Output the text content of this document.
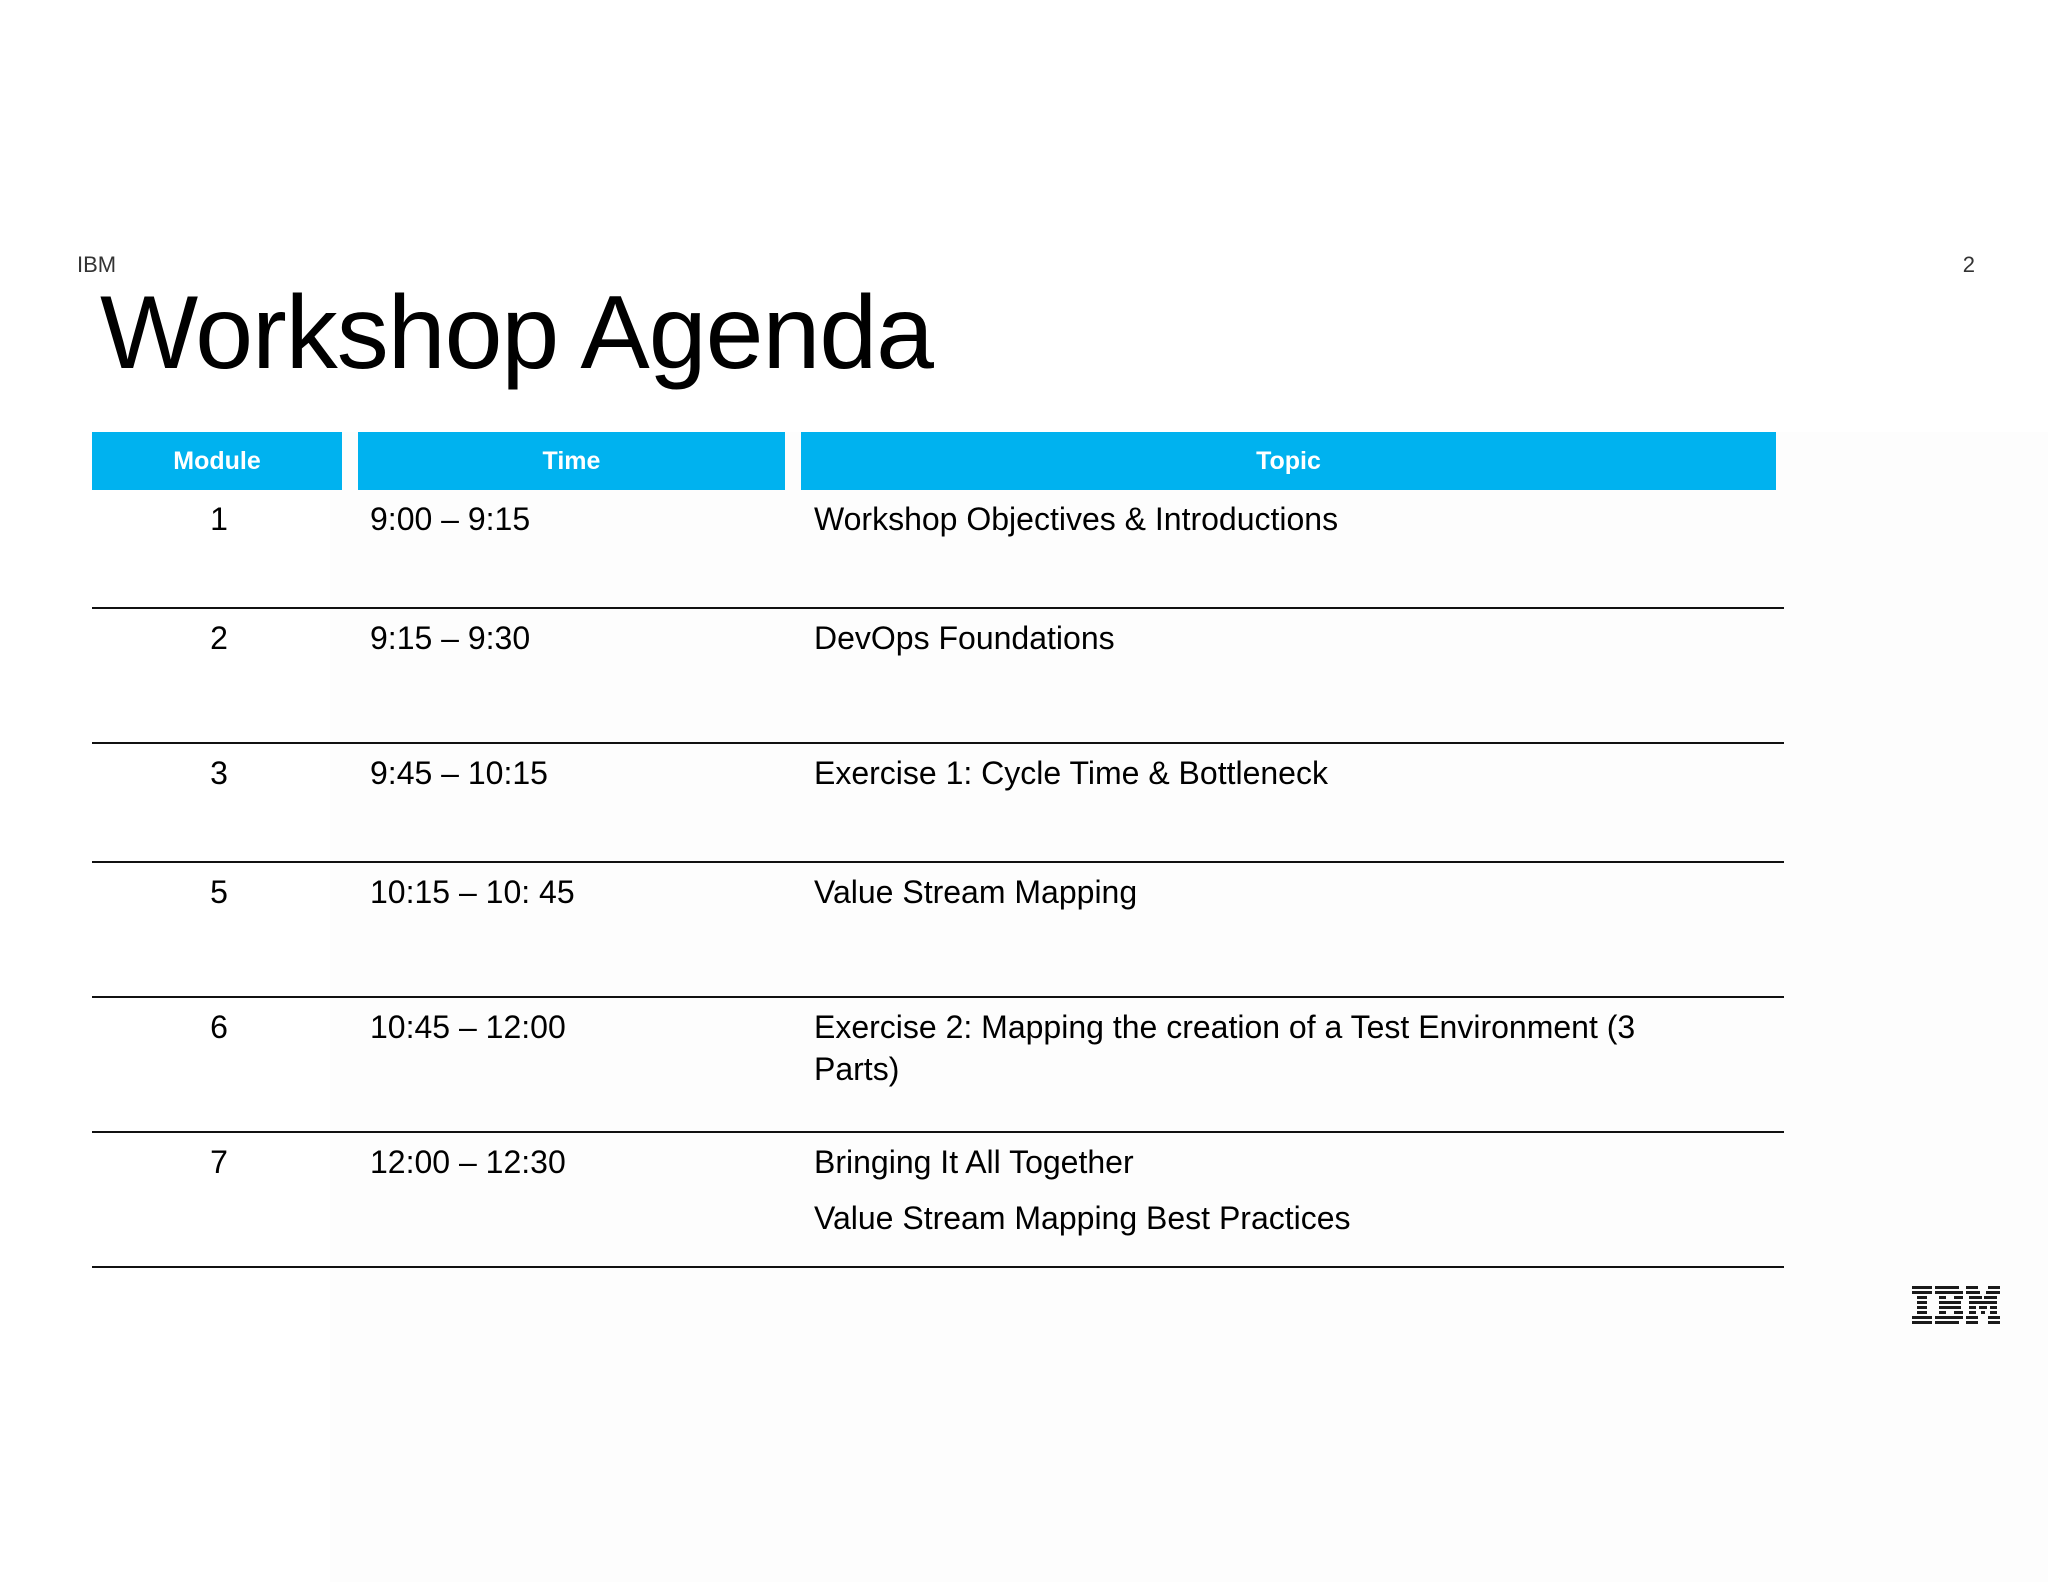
IBM	2
Workshop Agenda
Module	Time	Topic
1	9:00 – 9:15	Workshop Objectives & Introductions
2	9:15 – 9:30	DevOps Foundations
3	9:45 – 10:15	Exercise 1: Cycle Time & Bottleneck
5	10:15 – 10: 45	Value Stream Mapping
6	10:45 – 12:00	Exercise 2: Mapping the creation of a Test Environment (3 Parts)
7	12:00 – 12:30	Bringing It All Together
Value Stream Mapping Best Practices
